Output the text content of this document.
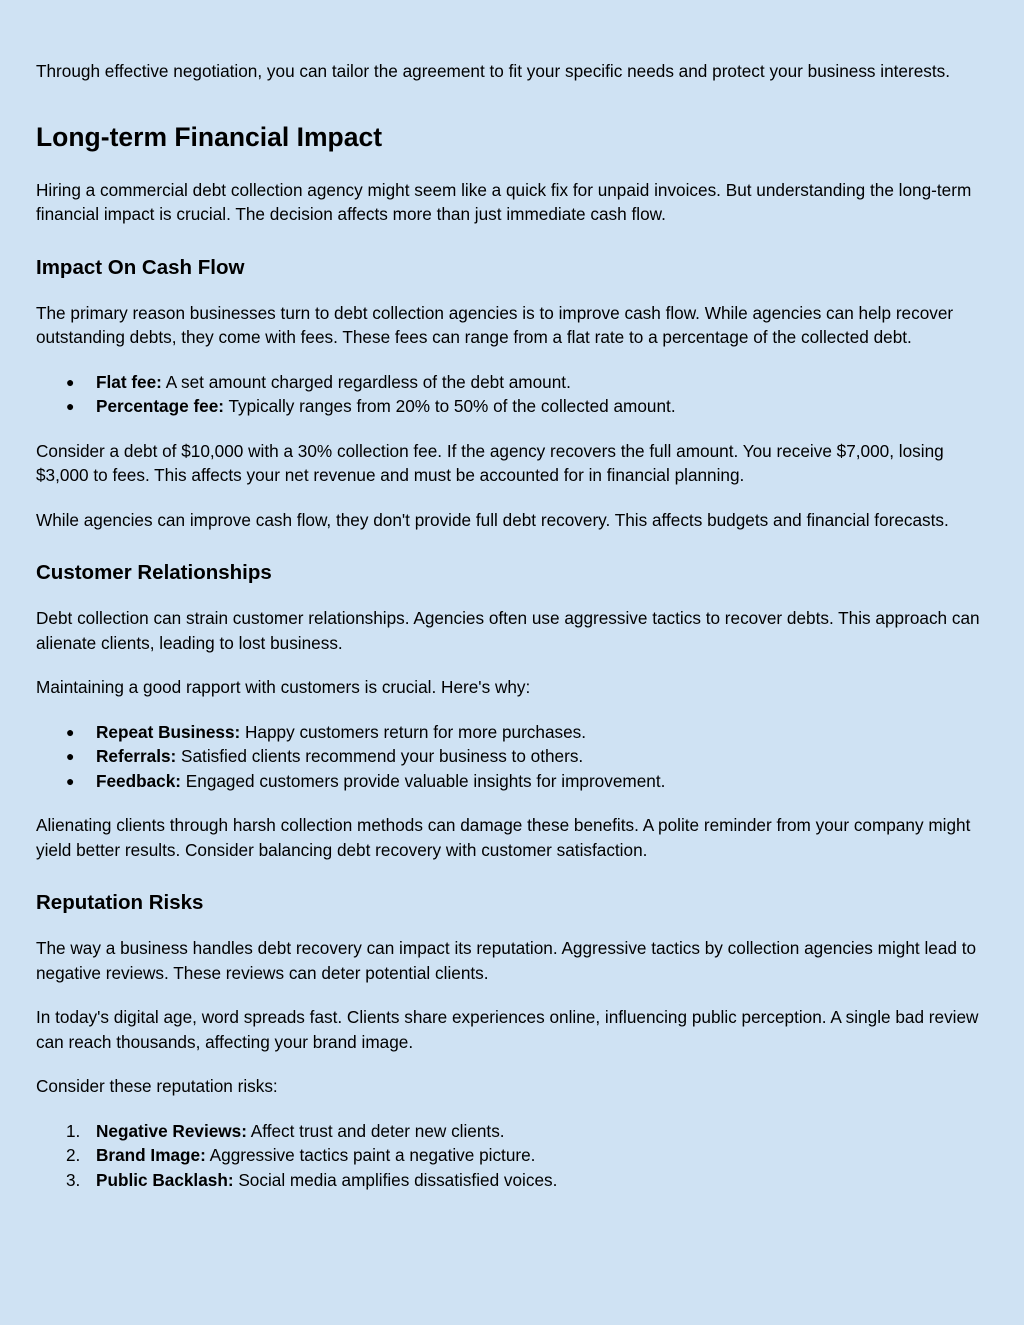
Through effective negotiation, you can tailor the agreement to fit your specific needs and protect your business interests.

Long-term Financial Impact

Hiring a commercial debt collection agency might seem like a quick fix for unpaid invoices. But understanding the long-term financial impact is crucial. The decision affects more than just immediate cash flow.

Impact On Cash Flow

The primary reason businesses turn to debt collection agencies is to improve cash flow. While agencies can help recover outstanding debts, they come with fees. These fees can range from a flat rate to a percentage of the collected debt.

● Flat fee: A set amount charged regardless of the debt amount.
● Percentage fee: Typically ranges from 20% to 50% of the collected amount.

Consider a debt of $10,000 with a 30% collection fee. If the agency recovers the full amount. You receive $7,000, losing $3,000 to fees. This affects your net revenue and must be accounted for in financial planning.

While agencies can improve cash flow, they don't provide full debt recovery. This affects budgets and financial forecasts.

Customer Relationships

Debt collection can strain customer relationships. Agencies often use aggressive tactics to recover debts. This approach can alienate clients, leading to lost business.

Maintaining a good rapport with customers is crucial. Here's why:

● Repeat Business: Happy customers return for more purchases.
● Referrals: Satisfied clients recommend your business to others.
● Feedback: Engaged customers provide valuable insights for improvement.

Alienating clients through harsh collection methods can damage these benefits. A polite reminder from your company might yield better results. Consider balancing debt recovery with customer satisfaction.

Reputation Risks

The way a business handles debt recovery can impact its reputation. Aggressive tactics by collection agencies might lead to negative reviews. These reviews can deter potential clients.

In today's digital age, word spreads fast. Clients share experiences online, influencing public perception. A single bad review can reach thousands, affecting your brand image.

Consider these reputation risks:

1. Negative Reviews: Affect trust and deter new clients.
2. Brand Image: Aggressive tactics paint a negative picture.
3. Public Backlash: Social media amplifies dissatisfied voices.
